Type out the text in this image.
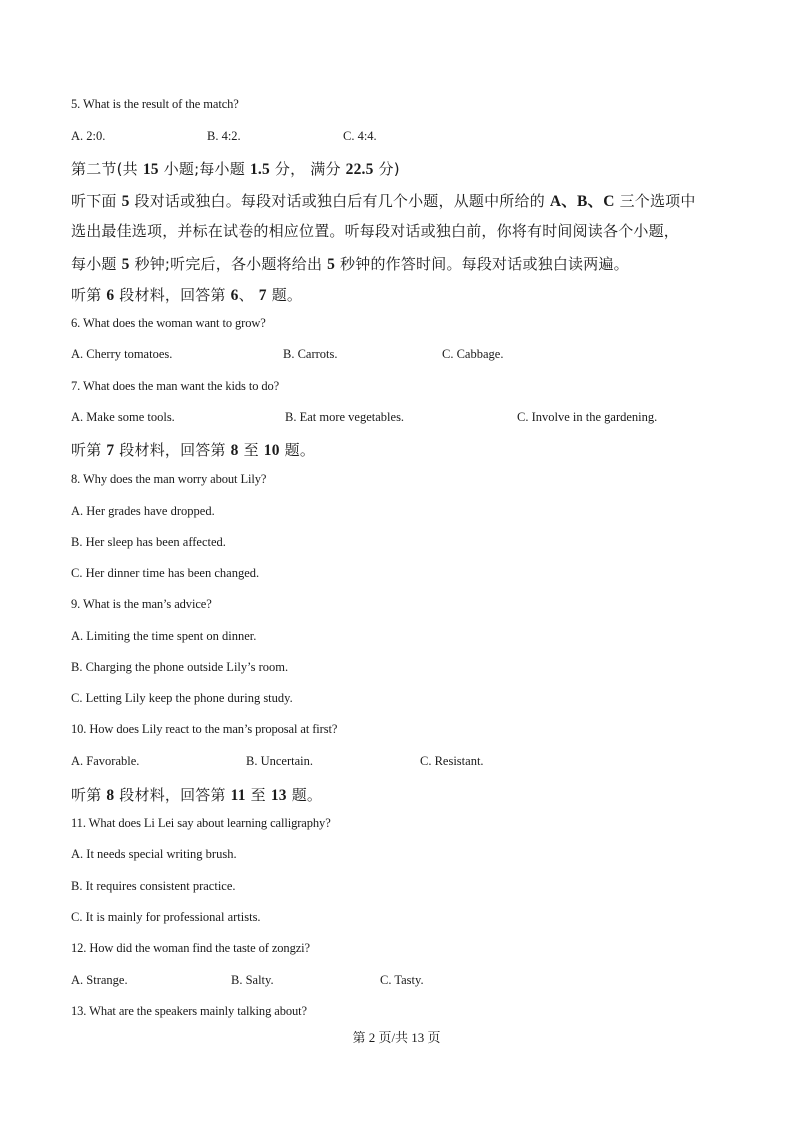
5. What is the result of the match?
A. 2:0.	B. 4:2.	C. 4:4.
第二节(共 15 小题;每小题 1.5 分， 满分 22.5 分)
听下面 5 段对话或独白。每段对话或独白后有几个小题，从题中所给的 A、B、C 三个选项中
选出最佳选项，并标在试卷的相应位置。听每段对话或独白前，你将有时间阅读各个小题，
每小题 5 秒钟;听完后，各小题将给出 5 秒钟的作答时间。每段对话或独白读两遍。
听第 6 段材料，回答第 6、 7 题。
6. What does the woman want to grow?
A. Cherry tomatoes.	B. Carrots.	C. Cabbage.
7. What does the man want the kids to do?
A. Make some tools.	B. Eat more vegetables.	C. Involve in the gardening.
听第 7 段材料，回答第 8 至 10 题。
8. Why does the man worry about Lily?
A. Her grades have dropped.
B. Her sleep has been affected.
C. Her dinner time has been changed.
9. What is the man’s advice?
A. Limiting the time spent on dinner.
B. Charging the phone outside Lily’s room.
C. Letting Lily keep the phone during study.
10. How does Lily react to the man’s proposal at first?
A. Favorable.	B. Uncertain.	C. Resistant.
听第 8 段材料，回答第 11 至 13 题。
11. What does Li Lei say about learning calligraphy?
A. It needs special writing brush.
B. It requires consistent practice.
C. It is mainly for professional artists.
12. How did the woman find the taste of zongzi?
A. Strange.	B. Salty.	C. Tasty.
13. What are the speakers mainly talking about?
第 2 页/共 13 页
